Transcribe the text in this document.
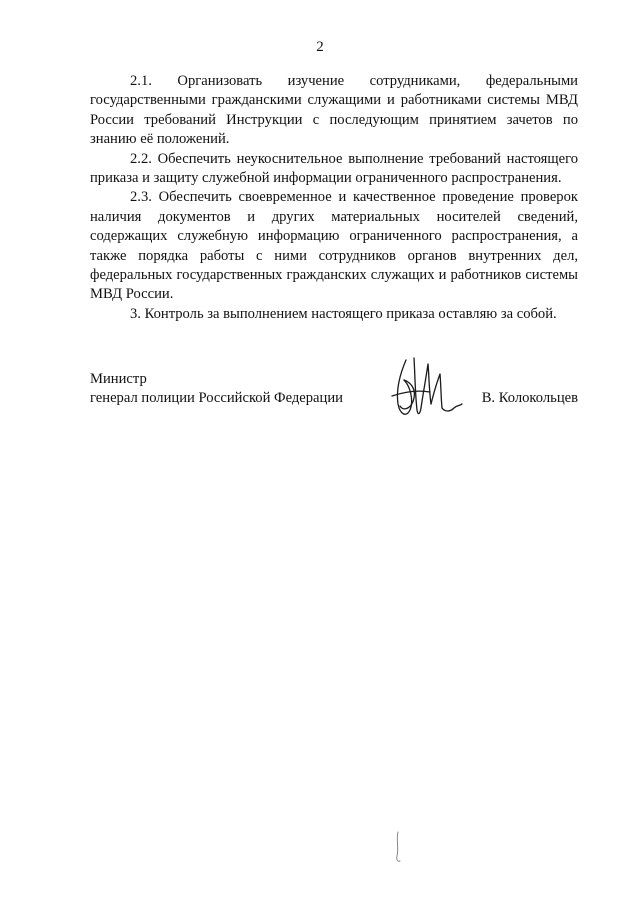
2

2.1. Организовать изучение сотрудниками, федеральными государственными гражданскими служащими и работниками системы МВД России требований Инструкции с последующим принятием зачетов по знанию её положений.

2.2. Обеспечить неукоснительное выполнение требований настоящего приказа и защиту служебной информации ограниченного распространения.

2.3. Обеспечить своевременное и качественное проведение проверок наличия документов и других материальных носителей сведений, содержащих служебную информацию ограниченного распространения, а также порядка работы с ними сотрудников органов внутренних дел, федеральных государственных гражданских служащих и работников системы МВД России.

3. Контроль за выполнением настоящего приказа оставляю за собой.

Министр
генерал полиции Российской Федерации	В. Колокольцев
